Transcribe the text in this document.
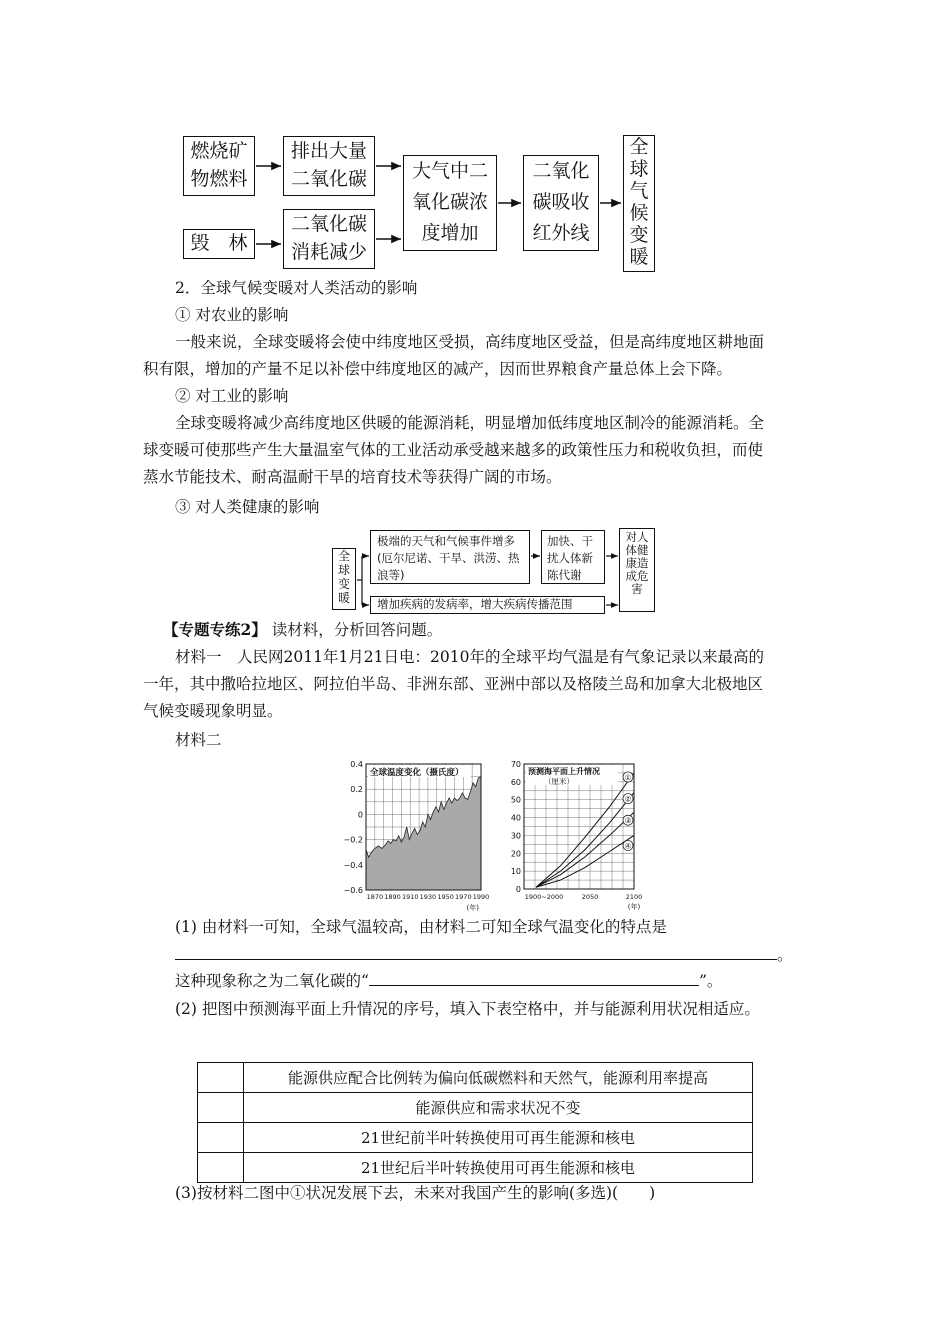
燃烧矿物燃料
排出大量二氧化碳
毁　林
二氧化碳消耗减少
大气中二氧化碳浓度增加
二氧化碳吸收红外线
全球气候变暖
2．全球气候变暖对人类活动的影响
① 对农业的影响
一般来说，全球变暖将会使中纬度地区受损，高纬度地区受益，但是高纬度地区耕地面
积有限，增加的产量不足以补偿中纬度地区的减产，因而世界粮食产量总体上会下降。
② 对工业的影响
全球变暖将减少高纬度地区供暖的能源消耗，明显增加低纬度地区制冷的能源消耗。全
球变暖可使那些产生大量温室气体的工业活动承受越来越多的政策性压力和税收负担，而使
蒸水节能技术、耐高温耐干旱的培育技术等获得广阔的市场。
③ 对人类健康的影响
全球变暖
极端的天气和气候事件增多(厄尔尼诺、干旱、洪涝、热浪等)
加快、干扰人体新陈代谢
对人体健康造成危害
增加疾病的发病率，增大疾病传播范围
【专题专练2】 读材料，分析回答问题。
材料一　人民网2011年1月21日电：2010年的全球平均气温是有气象记录以来最高的
一年，其中撒哈拉地区、阿拉伯半岛、非洲东部、亚洲中部以及格陵兰岛和加拿大北极地区
气候变暖现象明显。
材料二
全球温度变化（摄氏度）
0.4
0.2
0
−0.2
−0.4
−0.6
1870 1890 1910 1930 1950 1970 1990
(年)
预测海平面上升情况
（厘米）	①
②
③
④
70
60
50
40
30
20
10
0
1900~2000	2050	2100
(年)
(1) 由材料一可知，全球气温较高，由材料二可知全球气温变化的特点是
。
这种现象称之为二氧化碳的“	”。
(2) 把图中预测海平面上升情况的序号，填入下表空格中，并与能源利用状况相适应。
	能源供应配合比例转为偏向低碳燃料和天然气，能源利用率提高
	能源供应和需求状况不变
	21世纪前半叶转换使用可再生能源和核电
	21世纪后半叶转换使用可再生能源和核电
(3)按材料二图中①状况发展下去，未来对我国产生的影响(多选)(　　)
